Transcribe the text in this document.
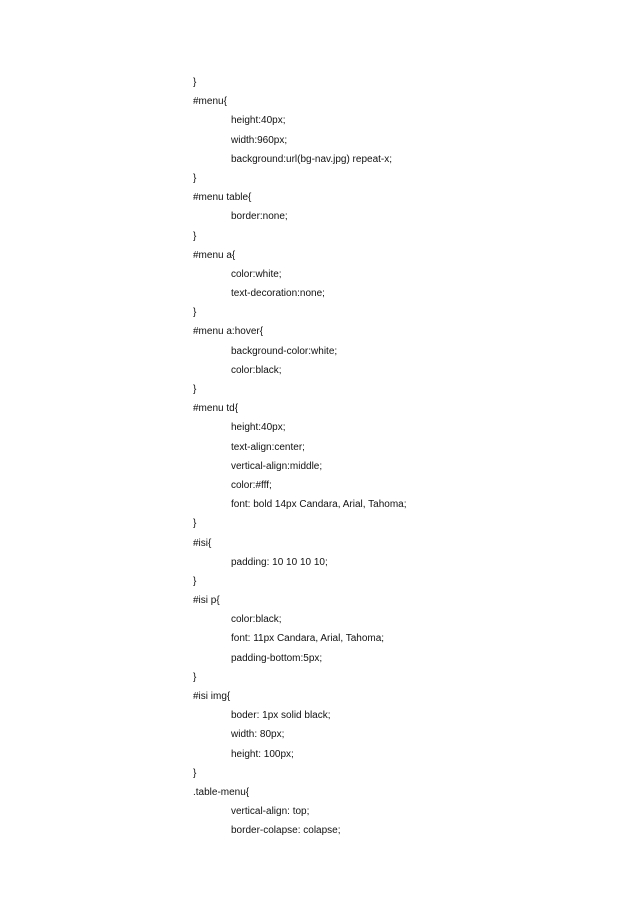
}
#menu{
height:40px;
width:960px;
background:url(bg-nav.jpg) repeat-x;
}
#menu table{
border:none;
}
#menu a{
color:white;
text-decoration:none;
}
#menu a:hover{
background-color:white;
color:black;
}
#menu td{
height:40px;
text-align:center;
vertical-align:middle;
color:#fff;
font: bold 14px Candara, Arial, Tahoma;
}
#isi{
padding: 10 10 10 10;
}
#isi p{
color:black;
font: 11px Candara, Arial, Tahoma;
padding-bottom:5px;
}
#isi img{
boder: 1px solid black;
width: 80px;
height: 100px;
}
.table-menu{
vertical-align: top;
border-colapse: colapse;
